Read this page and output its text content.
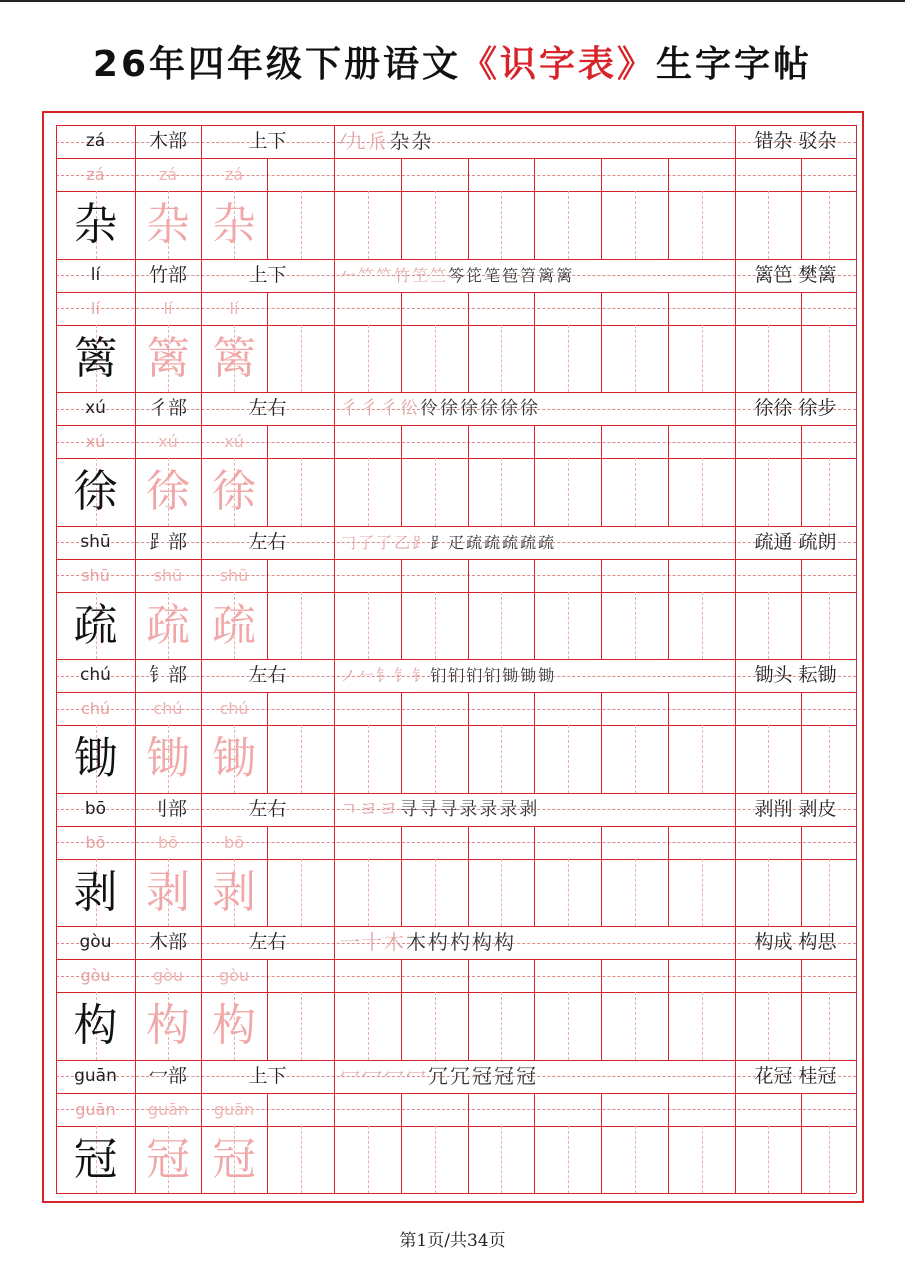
26年四年级下册语文《识字表》生字字帖
zá	木部	上下	⁄ 九 𠂢 杂 杂	错杂 驳杂
zá	zá	zá
杂 杂 杂
lí	竹部	上下	𠂉 𥫗 𥫗 竹 笁 竺 笒 笓 笔 笣 笤 篱 篱	篱笆 樊篱
lí	lí	lí
篱 篱 篱
xú	彳部	左右	彳 彳 彳 彸 彾 徐 徐 徐 徐 徐	徐徐 徐步
xú	xú	xú
徐 徐 徐
shū	⻊部	左右	𠃌 了 了 乙 ⻊ ⻊ 疋 疏 疏 疏 疏 疏	疏通 疏朗
shū	shū	shū
疏 疏 疏
chú	钅部	左右	ノ 𠂉 钅 钅 钅 钔 钔 钔 钔 锄 锄 锄	锄头 耘锄
chú	chú	chú
锄 锄 锄
bō	刂部	左右	ㄱ ヨ ヨ 寻 寻 寻 录 录 录 剥	剥削 剥皮
bō	bō	bō
剥 剥 剥
gòu	木部	左右	一 十 木 木 杓 杓 构 构	构成 构思
gòu	gòu	gòu
构 构 构
guān	冖部	上下	冖 冖 冖 冖 冗 冗 冠 冠 冠	花冠 桂冠
guān	guān	guān
冠 冠 冠
第1页/共34页
